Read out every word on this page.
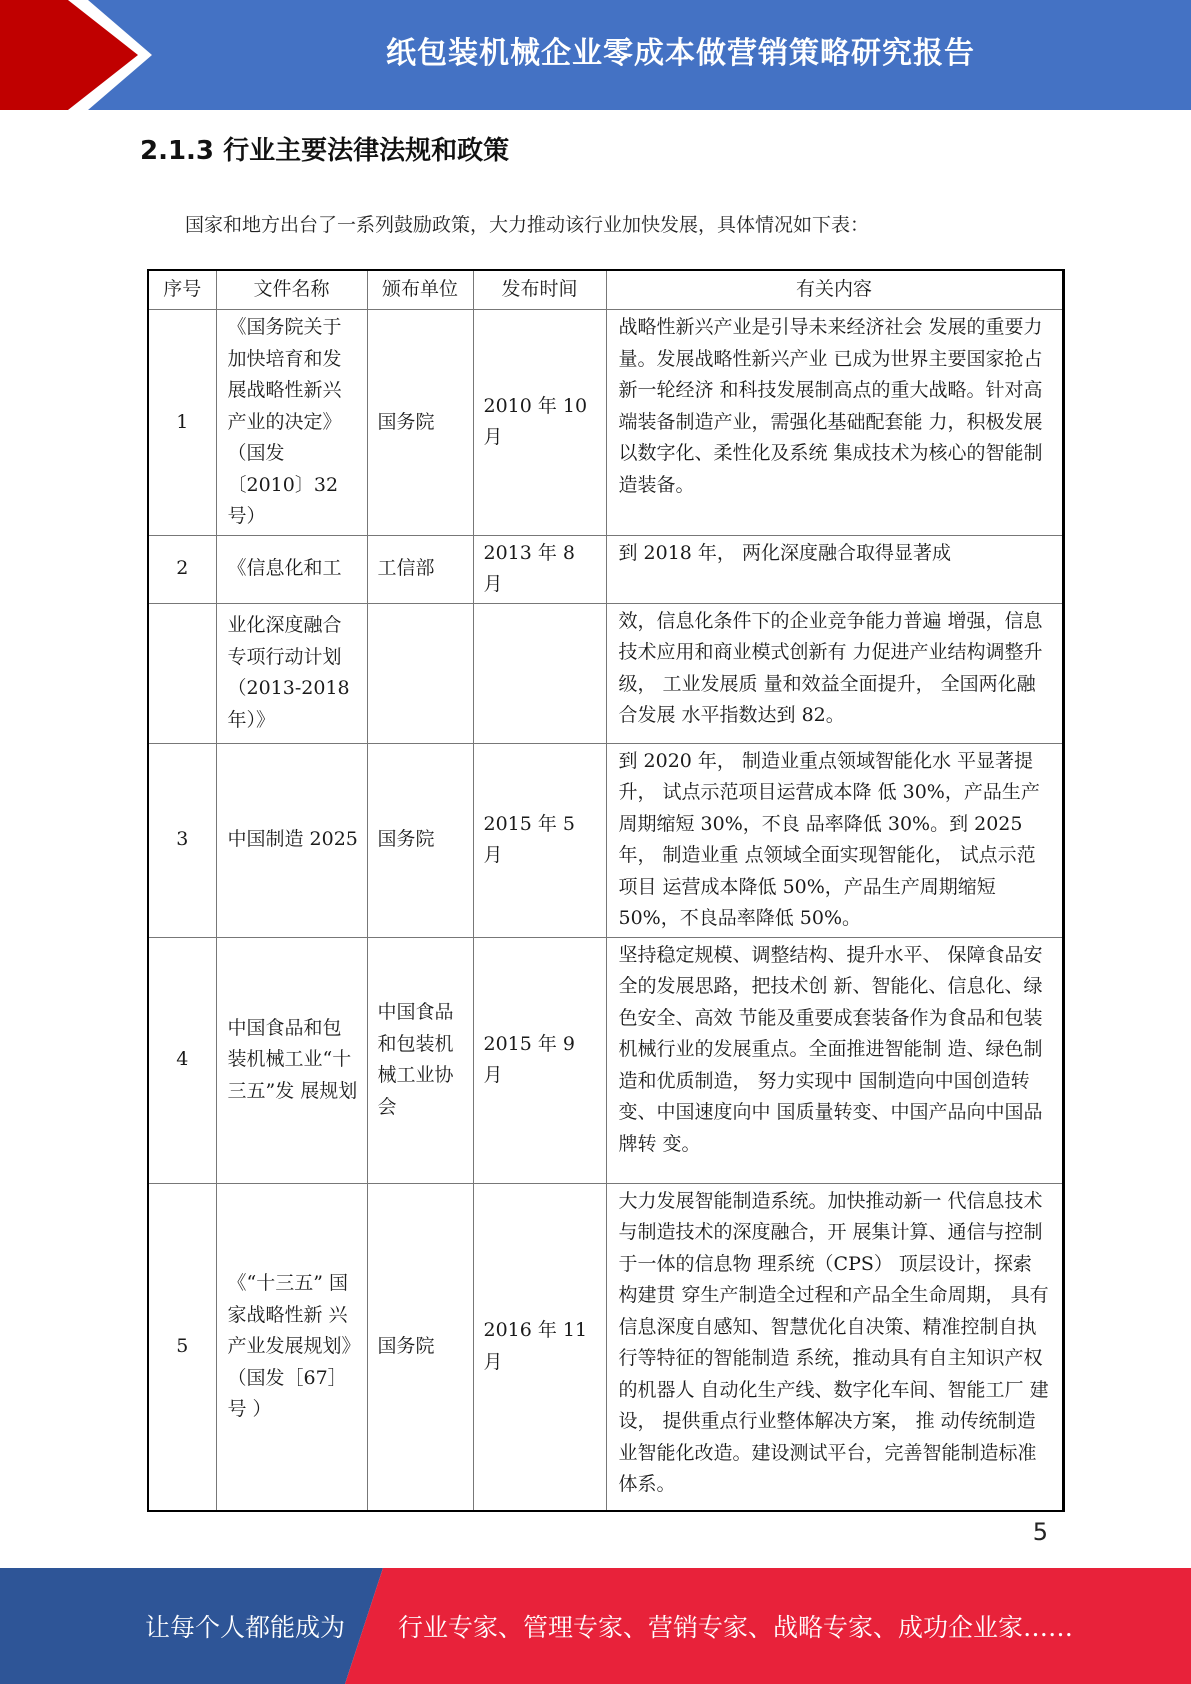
纸包装机械企业零成本做营销策略研究报告
2.1.3 行业主要法律法规和政策
国家和地方出台了一系列鼓励政策，大力推动该行业加快发展，具体情况如下表：
序号	文件名称	颁布单位	发布时间	有关内容
1	《国务院关于加快培育和发展战略性新兴产业的决定》（国发〔2010〕32号）	国务院	2010 年 10 月	战略性新兴产业是引导未来经济社会 发展的重要力量。发展战略性新兴产业 已成为世界主要国家抢占新一轮经济 和科技发展制高点的重大战略。针对高 端装备制造产业，需强化基础配套能 力，积极发展以数字化、柔性化及系统 集成技术为核心的智能制造装备。
2	《信息化和工	工信部	2013 年 8 月	到 2018 年， 两化深度融合取得显著成
	业化深度融合专项行动计划（2013-2018年）》			效，信息化条件下的企业竞争能力普遍 增强，信息技术应用和商业模式创新有 力促进产业结构调整升级， 工业发展质 量和效益全面提升， 全国两化融合发展 水平指数达到 82。
3	中国制造 2025	国务院	2015 年 5 月	到 2020 年， 制造业重点领域智能化水 平显著提升， 试点示范项目运营成本降 低 30%，产品生产周期缩短 30%，不良 品率降低 30%。到 2025 年， 制造业重 点领域全面实现智能化， 试点示范项目 运营成本降低 50%，产品生产周期缩短 50%，不良品率降低 50%。
4	中国食品和包装机械工业“十三五”发 展规划	中国食品和包装机械工业协会	2015 年 9 月	坚持稳定规模、调整结构、提升水平、 保障食品安全的发展思路，把技术创 新、智能化、信息化、绿色安全、高效 节能及重要成套装备作为食品和包装 机械行业的发展重点。全面推进智能制 造、绿色制造和优质制造， 努力实现中 国制造向中国创造转变、中国速度向中 国质量转变、中国产品向中国品牌转 变。
5	《“十三五” 国家战略性新 兴产业发展规划》（国发［67］号 ）	国务院	2016 年 11 月	大力发展智能制造系统。加快推动新一 代信息技术与制造技术的深度融合，开 展集计算、通信与控制于一体的信息物 理系统（CPS） 顶层设计，探索构建贯 穿生产制造全过程和产品全生命周期， 具有信息深度自感知、智慧优化自决策、精准控制自执行等特征的智能制造 系统，推动具有自主知识产权的机器人 自动化生产线、数字化车间、智能工厂 建设， 提供重点行业整体解决方案， 推 动传统制造业智能化改造。建设测试平台，完善智能制造标准体系。
5
让每个人都能成为 行业专家、管理专家、营销专家、战略专家、成功企业家……
